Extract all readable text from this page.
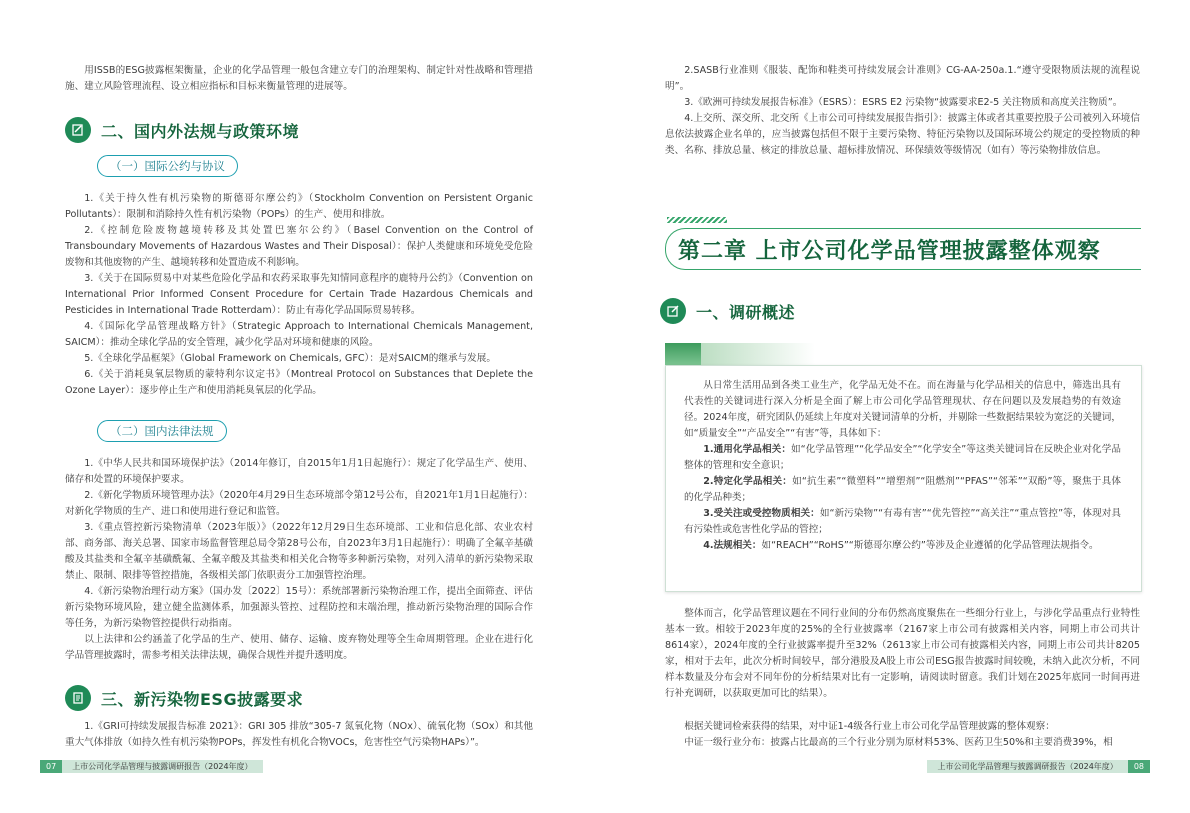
用ISSB的ESG披露框架衡量，企业的化学品管理一般包含建立专门的治理架构、制定针对性战略和管理措施、建立风险管理流程、设立相应指标和目标来衡量管理的进展等。

二、国内外法规与政策环境
（一）国际公约与协议

1.《关于持久性有机污染物的斯德哥尔摩公约》（Stockholm Convention on Persistent Organic Pollutants）：限制和消除持久性有机污染物（POPs）的生产、使用和排放。

2.《控制危险废物越境转移及其处置巴塞尔公约》（Basel Convention on the Control of Transboundary Movements of Hazardous Wastes and Their Disposal）：保护人类健康和环境免受危险废物和其他废物的产生、越境转移和处置造成不利影响。

3.《关于在国际贸易中对某些危险化学品和农药采取事先知情同意程序的鹿特丹公约》（Convention on International Prior Informed Consent Procedure for Certain Trade Hazardous Chemicals and Pesticides in International Trade Rotterdam）：防止有毒化学品国际贸易转移。

4.《国际化学品管理战略方针》（Strategic Approach to International Chemicals Management, SAICM）：推动全球化学品的安全管理，减少化学品对环境和健康的风险。

5.《全球化学品框架》（Global Framework on Chemicals, GFC）：是对SAICM的继承与发展。

6.《关于消耗臭氧层物质的蒙特利尔议定书》（Montreal Protocol on Substances that Deplete the Ozone Layer）：逐步停止生产和使用消耗臭氧层的化学品。

（二）国内法律法规

1.《中华人民共和国环境保护法》（2014年修订，自2015年1月1日起施行）：规定了化学品生产、使用、储存和处置的环境保护要求。

2.《新化学物质环境管理办法》（2020年4月29日生态环境部令第12号公布，自2021年1月1日起施行）：对新化学物质的生产、进口和使用进行登记和监管。

3.《重点管控新污染物清单（2023年版）》（2022年12月29日生态环境部、工业和信息化部、农业农村部、商务部、海关总署、国家市场监督管理总局令第28号公布，自2023年3月1日起施行）：明确了全氟辛基磺酸及其盐类和全氟辛基磺酰氟、全氟辛酸及其盐类和相关化合物等多种新污染物，对列入清单的新污染物采取禁止、限制、限排等管控措施，各级相关部门依职责分工加强管控治理。

4.《新污染物治理行动方案》（国办发〔2022〕15号）：系统部署新污染物治理工作，提出全面筛查、评估新污染物环境风险，建立健全监测体系，加强源头管控、过程防控和末端治理，推动新污染物治理的国际合作等任务，为新污染物管控提供行动指南。

以上法律和公约涵盖了化学品的生产、使用、储存、运输、废弃物处理等全生命周期管理。企业在进行化学品管理披露时，需参考相关法律法规，确保合规性并提升透明度。

三、新污染物ESG披露要求

1.《GRI可持续发展报告标准 2021》：GRI 305 排放“305-7 氮氧化物（NOx）、硫氧化物（SOx）和其他重大气体排放（如持久性有机污染物POPs，挥发性有机化合物VOCs，危害性空气污染物HAPs）”。

07	上市公司化学品管理与披露调研报告（2024年度）

2.SASB行业准则《服装、配饰和鞋类可持续发展会计准则》CG-AA-250a.1.“遵守受限物质法规的流程说明”。

3.《欧洲可持续发展报告标准》（ESRS）：ESRS E2 污染物“披露要求E2-5 关注物质和高度关注物质”。

4.上交所、深交所、北交所《上市公司可持续发展报告指引》：披露主体或者其重要控股子公司被列入环境信息依法披露企业名单的，应当披露包括但不限于主要污染物、特征污染物以及国际环境公约规定的受控物质的种类、名称、排放总量、核定的排放总量、超标排放情况、环保绩效等级情况（如有）等污染物排放信息。

第二章 上市公司化学品管理披露整体观察
一、调研概述

从日常生活用品到各类工业生产，化学品无处不在。而在海量与化学品相关的信息中，筛选出具有代表性的关键词进行深入分析是全面了解上市公司化学品管理现状、存在问题以及发展趋势的有效途径。2024年度，研究团队仍延续上年度对关键词清单的分析，并剔除一些数据结果较为宽泛的关键词，如“质量安全”“产品安全”“有害”等，具体如下：

1.通用化学品相关：如“化学品管理”“化学品安全”“化学安全”等这类关键词旨在反映企业对化学品整体的管理和安全意识；

2.特定化学品相关：如“抗生素”“微塑料”“增塑剂”“阻燃剂”“PFAS”“邻苯”“双酚”等，聚焦于具体的化学品种类；

3.受关注或受控物质相关：如“新污染物”“有毒有害”“优先管控”“高关注”“重点管控”等，体现对具有污染性或危害性化学品的管控；

4.法规相关：如“REACH”“RoHS”“斯德哥尔摩公约”等涉及企业遵循的化学品管理法规指令。

整体而言，化学品管理议题在不同行业间的分布仍然高度聚焦在一些细分行业上，与涉化学品重点行业特性基本一致。相较于2023年度的25%的全行业披露率（2167家上市公司有披露相关内容，同期上市公司共计8614家），2024年度的全行业披露率提升至32%（2613家上市公司有披露相关内容，同期上市公司共计8205家，相对于去年，此次分析时间较早，部分港股及A股上市公司ESG报告披露时间较晚，未纳入此次分析，不同样本数量及分布会对不同年份的分析结果对比有一定影响，请阅读时留意。我们计划在2025年底同一时间再进行补充调研，以获取更加可比的结果）。

根据关键词检索获得的结果，对中证1-4级各行业上市公司化学品管理披露的整体观察：

中证一级行业分布：披露占比最高的三个行业分别为原材料53%、医药卫生50%和主要消费39%，相

上市公司化学品管理与披露调研报告（2024年度）	08
